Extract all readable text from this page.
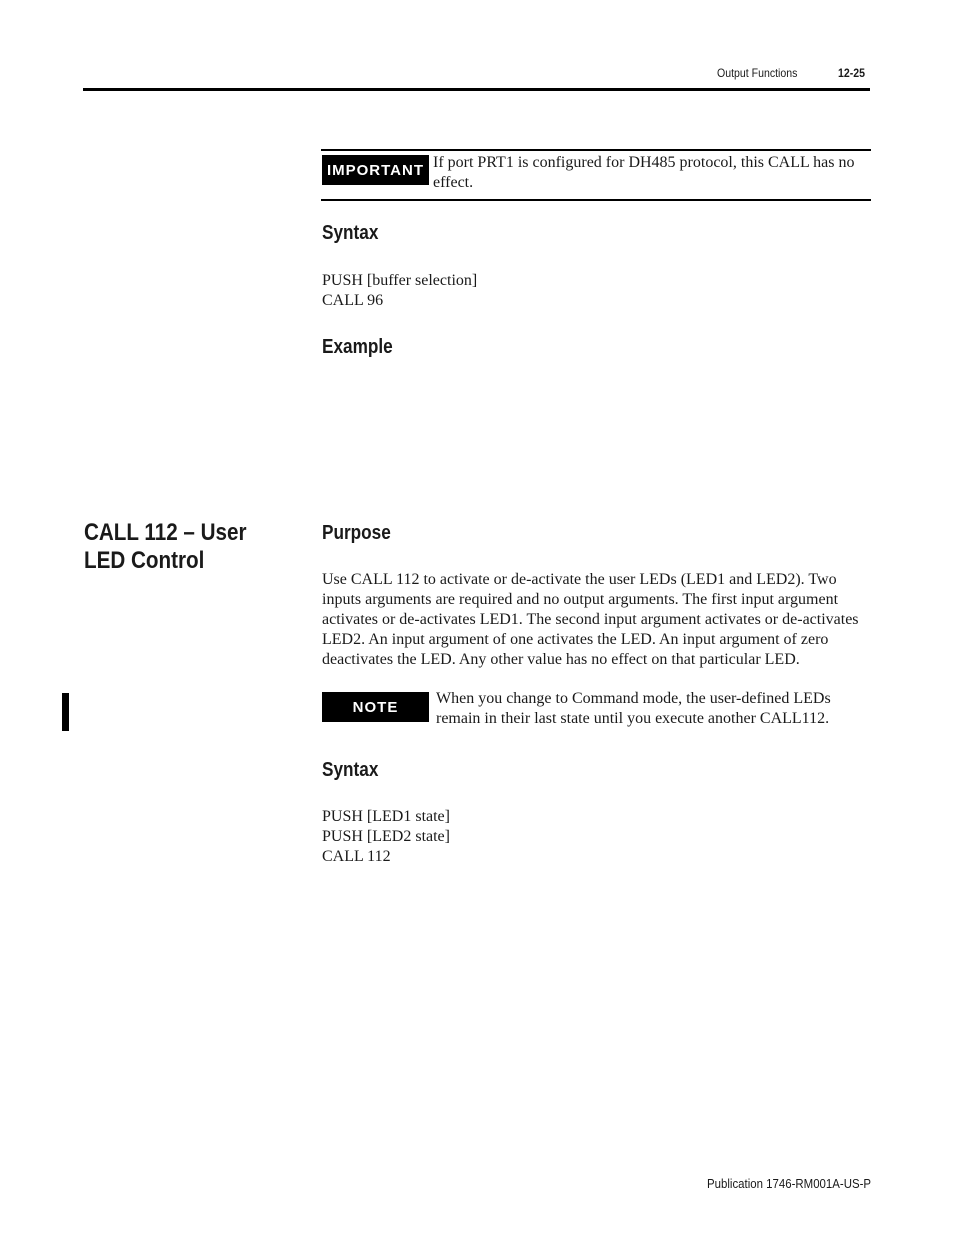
Output Functions	12-25
IMPORTANT If port PRT1 is configured for DH485 protocol, this CALL has no effect.
Syntax
PUSH [buffer selection]
CALL 96
Example
CALL 112 – User LED Control
Purpose
Use CALL 112 to activate or de-activate the user LEDs (LED1 and LED2). Two inputs arguments are required and no output arguments. The first input argument activates or de-activates LED1. The second input argument activates or de-activates LED2. An input argument of one activates the LED. An input argument of zero deactivates the LED. Any other value has no effect on that particular LED.
NOTE	When you change to Command mode, the user-defined LEDs remain in their last state until you execute another CALL112.
Syntax
PUSH [LED1 state]
PUSH [LED2 state]
CALL 112
Publication 1746-RM001A-US-P
